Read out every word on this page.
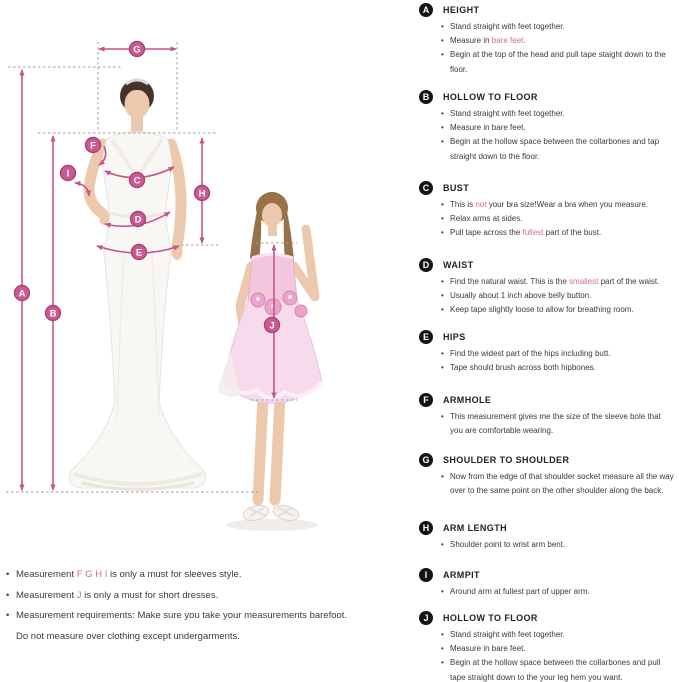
A
B
C
D
E
F
G
H
I
J
A	HEIGHT
• Stand straight with feet together.
• Measure in bare feet.
• Begin at the top of the head and pull tape staight down to the floor.
B	HOLLOW TO FLOOR
• Stand straight with feet together.
• Measure in bare feet.
• Begin at the hollow space between the collarbones and tap straight down to the floor.
C	BUST
• This is not your bra size!Wear a bra when you measure.
• Relax arms at sides.
• Pull tape across the fullest part of the bust.
D	WAIST
• Find the natural waist. This is the smallest part of the waist.
• Usually about 1 inch above belly button.
• Keep tape slightly loose to allow for breathing room.
E	HIPS
• Find the widest part of the hips including butt.
• Tape should brush across both hipbones.
F	ARMHOLE
• This measurement gives me the size of the sleeve bole that you are comfortable wearing.
G	SHOULDER TO SHOULDER
• Now from the edge of that shoulder socket measure all the way over to the same point on the other shoulder along the back.
H	ARM LENGTH
• Shoulder point to wrist arm bent.
I	ARMPIT
• Around arm at fullest part of upper arm.
J	HOLLOW TO FLOOR
• Stand straight with feet together.
• Measure in bare feet.
• Begin at the hollow space between the collarbones and pull tape straight down to the your leg hem you want.
• Measurement F G H I is only a must for sleeves style.
• Measurement J is only a must for short dresses.
• Measurement requirements: Make sure you take your measurements barefoot.
Do not measure over clothing except undergarments.
